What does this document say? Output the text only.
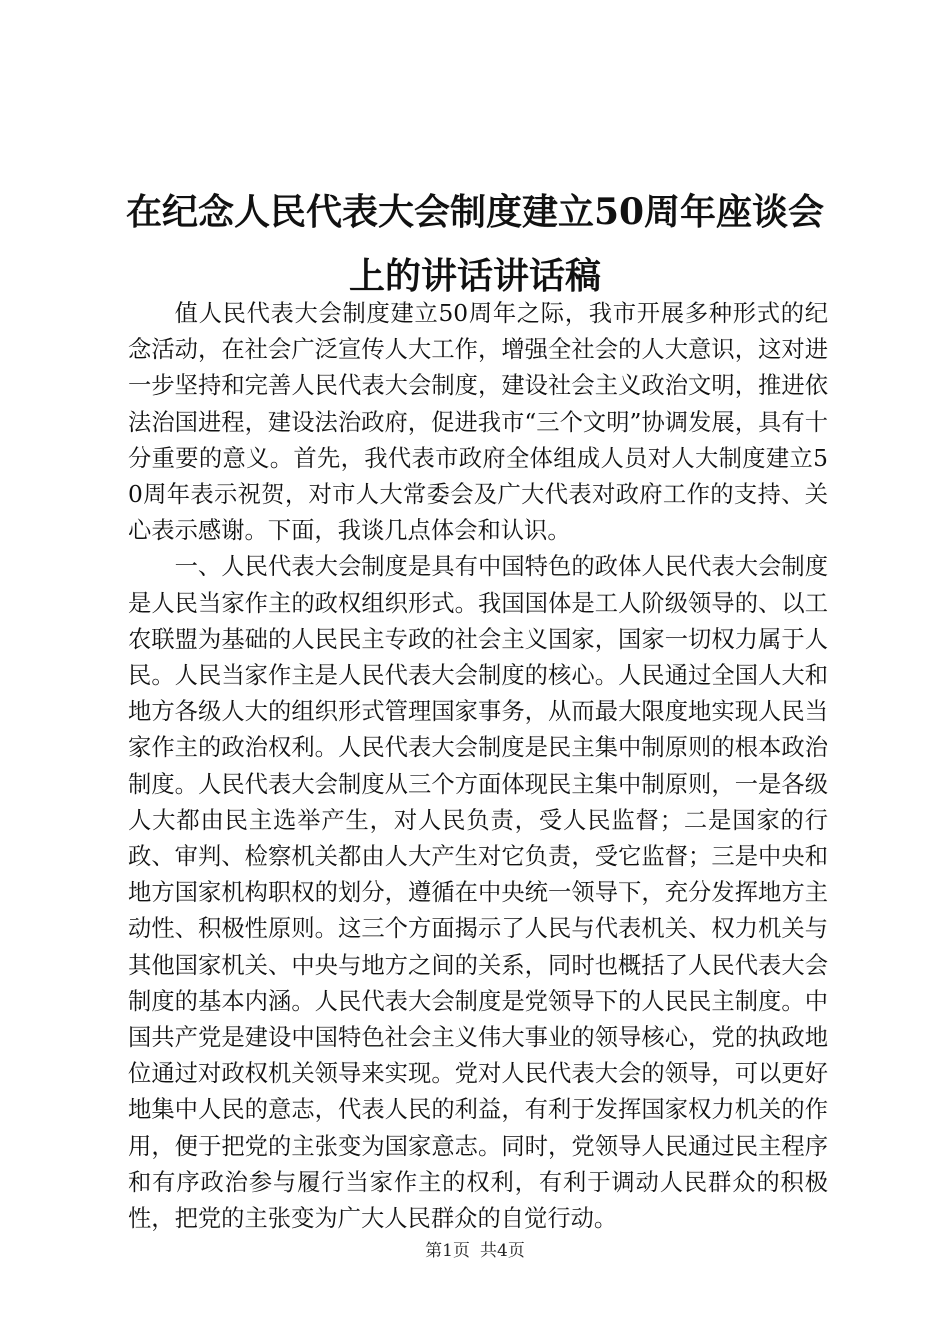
在纪念人民代表大会制度建立50周年座谈会
上的讲话讲话稿

值人民代表大会制度建立50周年之际，我市开展多种形式的纪念活动，在社会广泛宣传人大工作，增强全社会的人大意识，这对进一步坚持和完善人民代表大会制度，建设社会主义政治文明，推进依法治国进程，建设法治政府，促进我市“三个文明”协调发展，具有十分重要的意义。首先，我代表市政府全体组成人员对人大制度建立50周年表示祝贺，对市人大常委会及广大代表对政府工作的支持、关心表示感谢。下面，我谈几点体会和认识。

一、人民代表大会制度是具有中国特色的政体人民代表大会制度是人民当家作主的政权组织形式。我国国体是工人阶级领导的、以工农联盟为基础的人民民主专政的社会主义国家，国家一切权力属于人民。人民当家作主是人民代表大会制度的核心。人民通过全国人大和地方各级人大的组织形式管理国家事务，从而最大限度地实现人民当家作主的政治权利。人民代表大会制度是民主集中制原则的根本政治制度。人民代表大会制度从三个方面体现民主集中制原则，一是各级人大都由民主选举产生，对人民负责，受人民监督；二是国家的行政、审判、检察机关都由人大产生对它负责，受它监督；三是中央和地方国家机构职权的划分，遵循在中央统一领导下，充分发挥地方主动性、积极性原则。这三个方面揭示了人民与代表机关、权力机关与其他国家机关、中央与地方之间的关系，同时也概括了人民代表大会制度的基本内涵。人民代表大会制度是党领导下的人民民主制度。中国共产党是建设中国特色社会主义伟大事业的领导核心，党的执政地位通过对政权机关领导来实现。党对人民代表大会的领导，可以更好地集中人民的意志，代表人民的利益，有利于发挥国家权力机关的作用，便于把党的主张变为国家意志。同时，党领导人民通过民主程序和有序政治参与履行当家作主的权利，有利于调动人民群众的积极性，把党的主张变为广大人民群众的自觉行动。

第1页 共4页
